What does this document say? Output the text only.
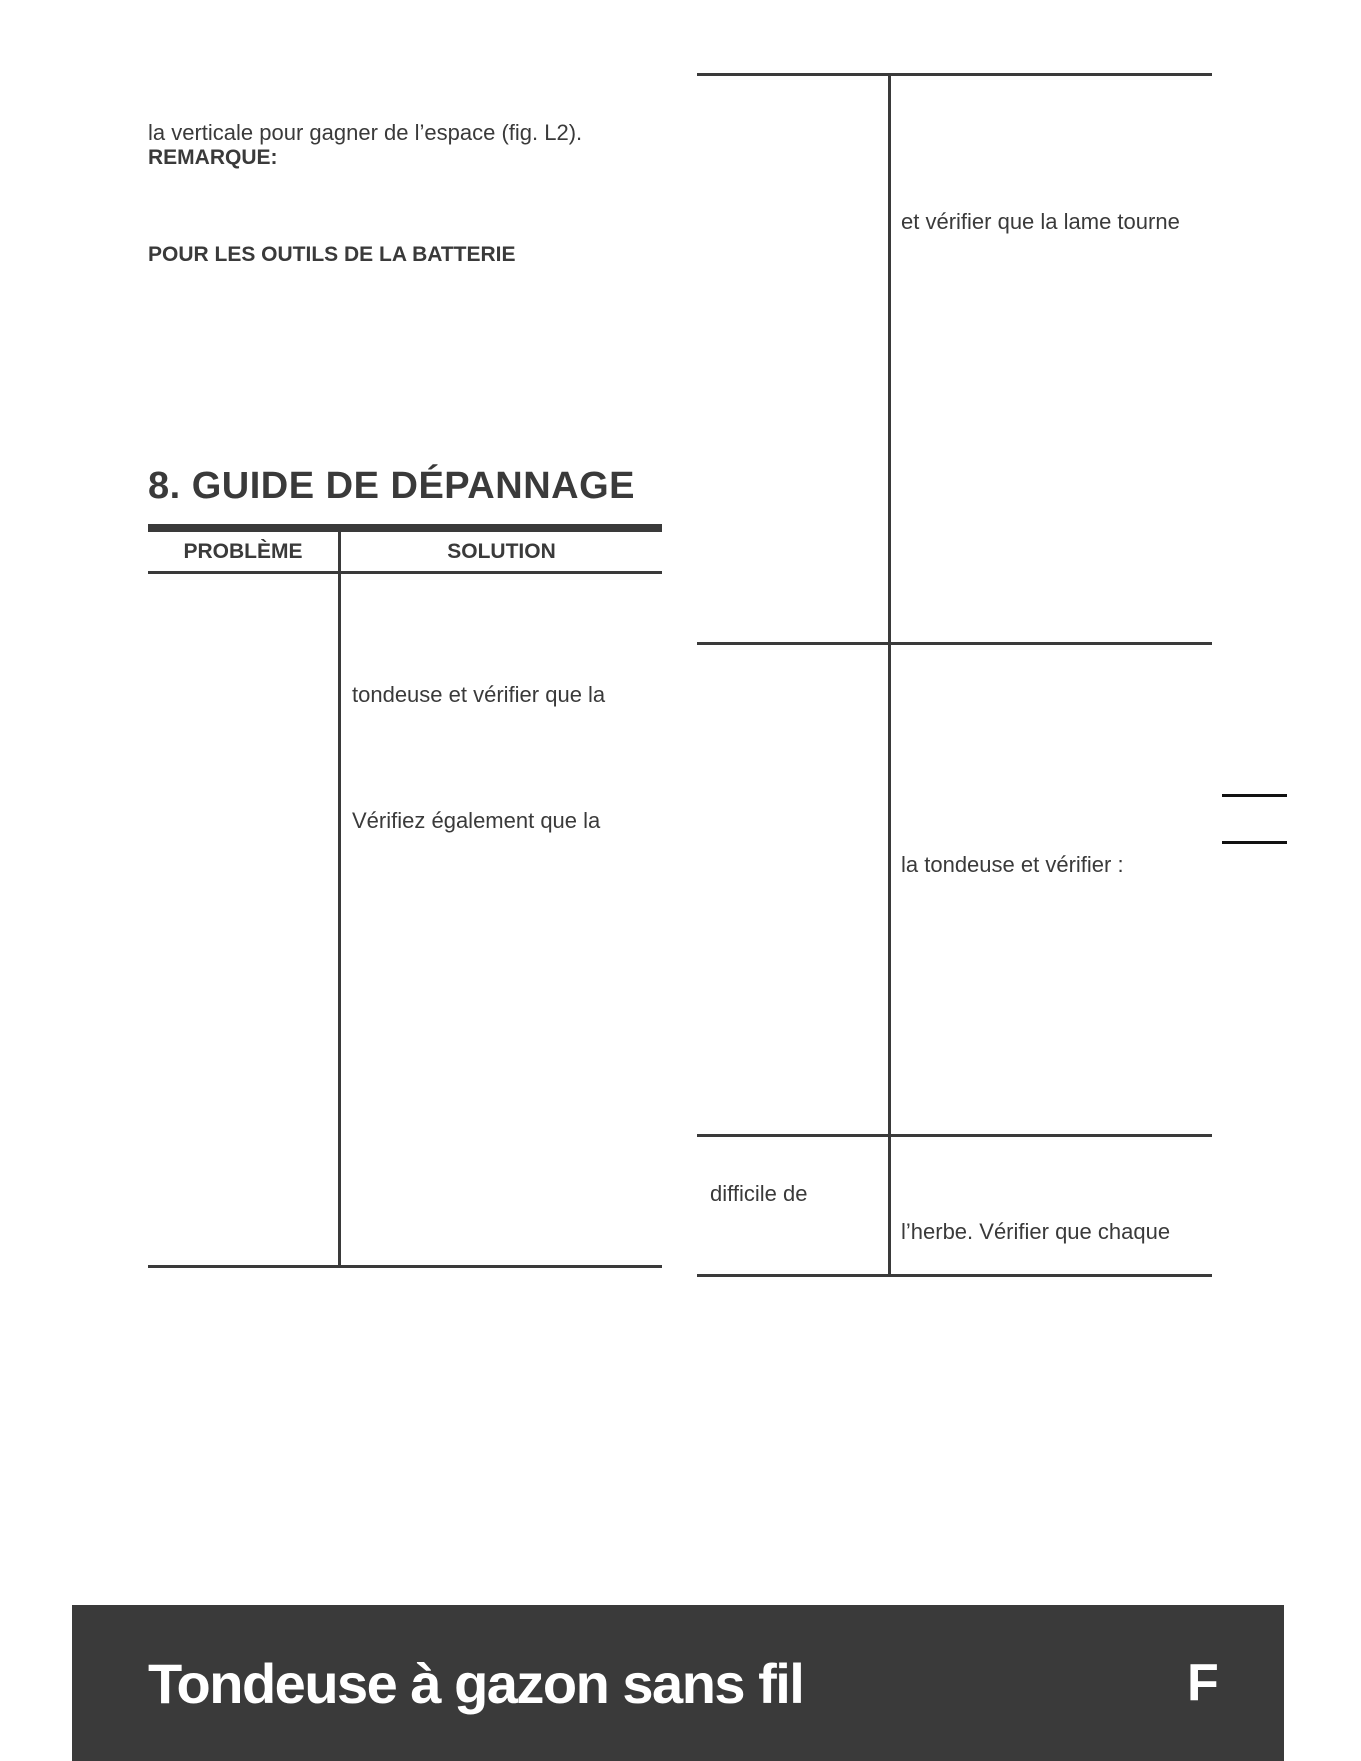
la verticale pour gagner de l’espace (fig. L2).
REMARQUE:
POUR LES OUTILS DE LA BATTERIE
8. GUIDE DE DÉPANNAGE
PROBLÈME	SOLUTION
tondeuse et vérifier que la
Vérifiez également que la
et vérifier que la lame tourne
la tondeuse et vérifier :
difficile de
l’herbe. Vérifier que chaque
Tondeuse à gazon sans fil	F
